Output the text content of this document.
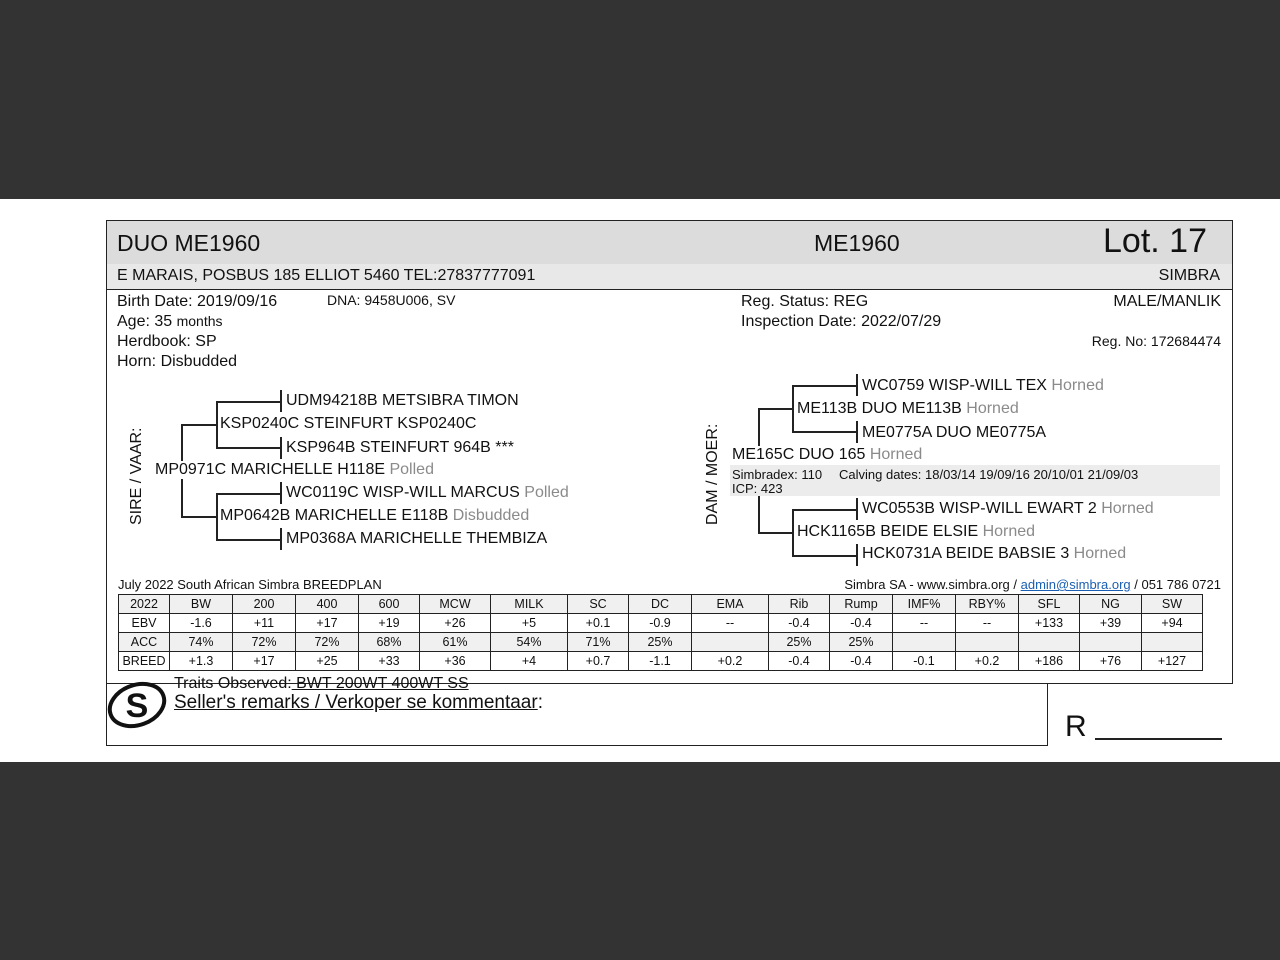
DUO ME1960	ME1960	Lot. 17
E MARAIS, POSBUS 185 ELLIOT 5460 TEL:27837777091	SIMBRA
Birth Date: 2019/09/16	DNA: 9458U006, SV
Age: 35 months
Herdbook: SP
Horn: Disbudded
Reg. Status: REG
Inspection Date: 2022/07/29
MALE/MANLIK
Reg. No: 172684474
SIRE / VAAR:
UDM94218B METSIBRA TIMON
KSP0240C STEINFURT KSP0240C
KSP964B STEINFURT 964B ***
MP0971C MARICHELLE H118E Polled
WC0119C WISP-WILL MARCUS Polled
MP0642B MARICHELLE E118B Disbudded
MP0368A MARICHELLE THEMBIZA
DAM / MOER:
WC0759 WISP-WILL TEX Horned
ME113B DUO ME113B Horned
ME0775A DUO ME0775A
ME165C DUO 165 Horned
Simbradex: 110 Calving dates: 18/03/14 19/09/16 20/10/01 21/09/03
ICP: 423
WC0553B WISP-WILL EWART 2 Horned
HCK1165B BEIDE ELSIE Horned
HCK0731A BEIDE BABSIE 3 Horned
July 2022 South African Simbra BREEDPLAN	Simbra SA - www.simbra.org / admin@simbra.org / 051 786 0721
2022	BW	200	400	600	MCW	MILK	SC	DC	EMA	Rib	Rump	IMF%	RBY%	SFL	NG	SW
EBV	-1.6	+11	+17	+19	+26	+5	+0.1	-0.9	--	-0.4	-0.4	--	--	+133	+39	+94
ACC	74%	72%	72%	68%	61%	54%	71%	25%		25%	25%					
BREED	+1.3	+17	+25	+33	+36	+4	+0.7	-1.1	+0.2	-0.4	-0.4	-0.1	+0.2	+186	+76	+127
S
Traits Observed: BWT 200WT 400WT SS
Seller's remarks / Verkoper se kommentaar:
R
